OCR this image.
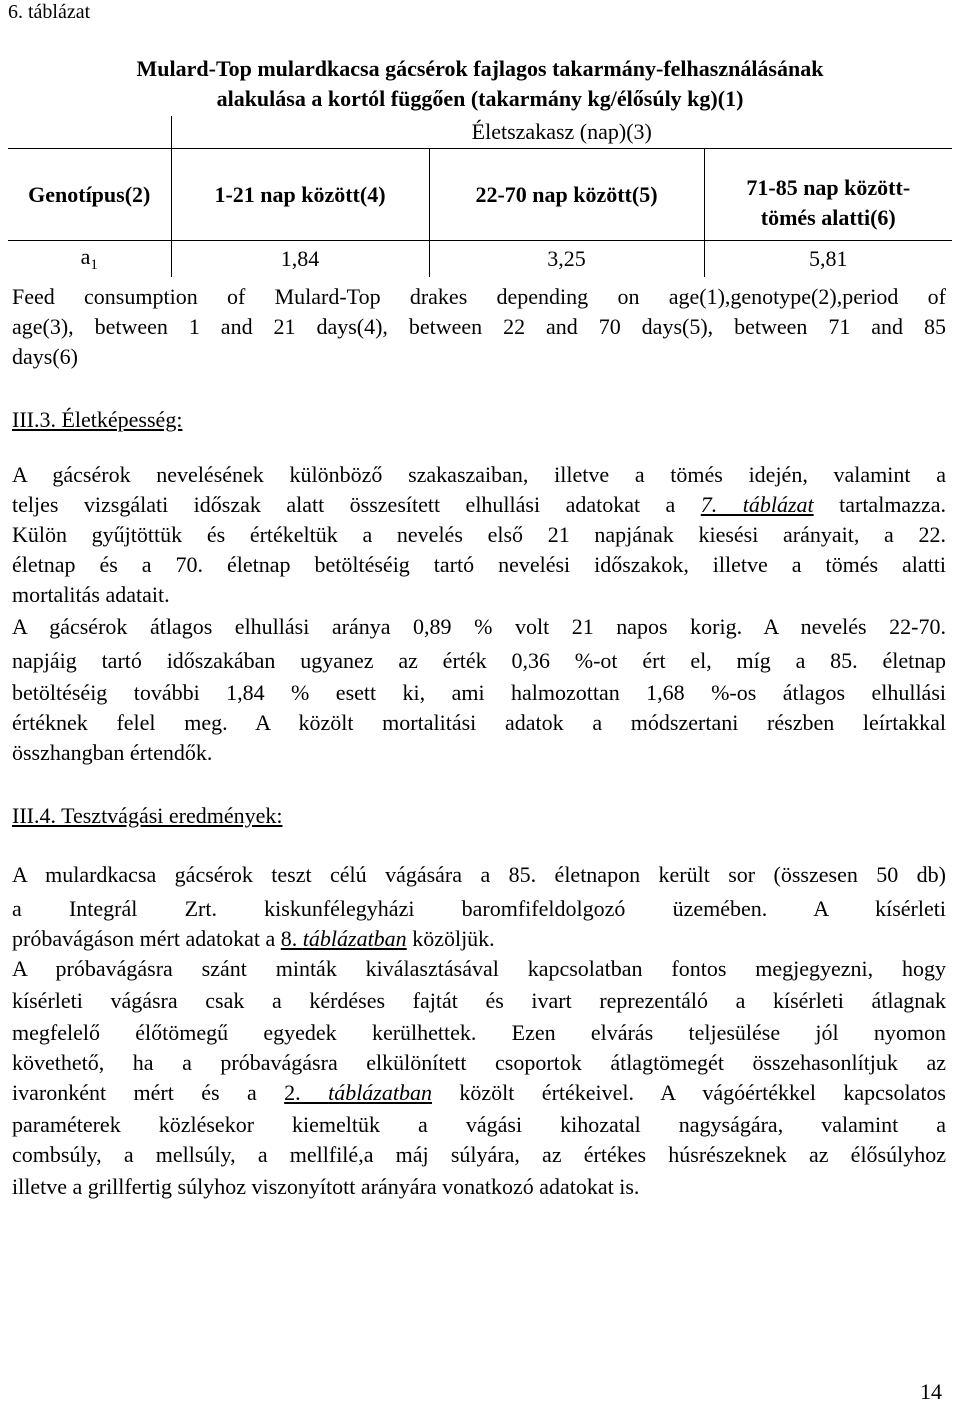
6. táblázat
Mulard-Top mulardkacsa gácsérok fajlagos takarmány-felhasználásának
alakulása a kortól függően (takarmány kg/élősúly kg)(1)
	Életszakasz (nap)(3)		

Genotípus(2)	1-21 nap között(4)	22-70 nap között(5)	71-85 nap között-
tömés alatti(6)

$a_1$	1,84	3,25	5,81
Feed consumption of Mulard-Top drakes depending on age(1),genotype(2),period of
age(3), between 1 and 21 days(4), between 22 and 70 days(5), between 71 and 85
days(6)
III.3. Életképesség:
A gácsérok nevelésének különböző szakaszaiban, illetve a tömés idején, valamint a
teljes vizsgálati időszak alatt összesített elhullási adatokat a 7. táblázat tartalmazza.
Külön gyűjtöttük és értékeltük a nevelés első 21 napjának kiesési arányait, a 22.
életnap és a 70. életnap betöltéséig tartó nevelési időszakok, illetve a tömés alatti
mortalitás adatait.
A gácsérok átlagos elhullási aránya 0,89 % volt 21 napos korig. A nevelés 22-70.
napjáig tartó időszakában ugyanez az érték 0,36 %-ot ért el, míg a 85. életnap
betöltéséig további 1,84 % esett ki, ami halmozottan 1,68 %-os átlagos elhullási
értéknek felel meg. A közölt mortalitási adatok a módszertani részben leírtakkal
összhangban értendők.
III.4. Tesztvágási eredmények:
A mulardkacsa gácsérok teszt célú vágására a 85. életnapon került sor (összesen 50 db)
a Integrál Zrt. kiskunfélegyházi baromfifeldolgozó üzemében. A kísérleti
próbavágáson mért adatokat a 8. táblázatban közöljük.
A próbavágásra szánt minták kiválasztásával kapcsolatban fontos megjegyezni, hogy
kísérleti vágásra csak a kérdéses fajtát és ivart reprezentáló a kísérleti átlagnak
megfelelő élőtömegű egyedek kerülhettek. Ezen elvárás teljesülése jól nyomon
követhető, ha a próbavágásra elkülönített csoportok átlagtömegét összehasonlítjuk az
ivaronként mért és a 2. táblázatban közölt értékeivel. A vágóértékkel kapcsolatos
paraméterek közlésekor kiemeltük a vágási kihozatal nagyságára, valamint a
combsúly, a mellsúly, a mellfilé,a máj súlyára, az értékes húsrészeknek az élősúlyhoz
illetve a grillfertig súlyhoz viszonyított arányára vonatkozó adatokat is.
14
